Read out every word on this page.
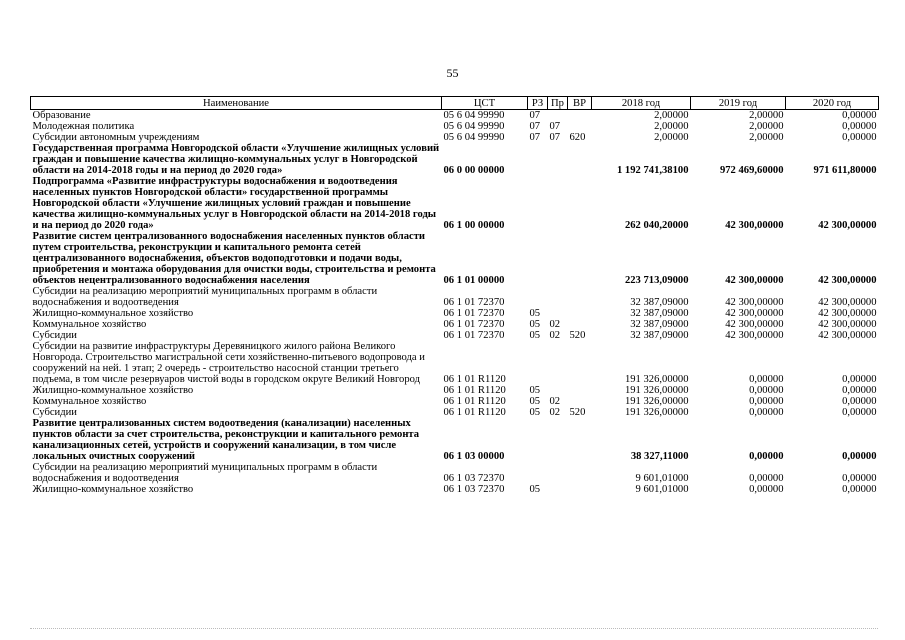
55
Наименование	ЦСТ	РЗ	Пр	ВР	2018 год	2019 год	2020 год
Образование	05 6 04 99990	07			2,00000	2,00000	0,00000
Молодежная политика	05 6 04 99990	07	07		2,00000	2,00000	0,00000
Субсидии автономным учреждениям	05 6 04 99990	07	07	620	2,00000	2,00000	0,00000
Государственная программа Новгородской области «Улучшение жилищных условий граждан и повышение качества жилищно-коммунальных услуг в Новгородской области на 2014-2018 годы и на период до 2020 года»	06 0 00 00000				1 192 741,38100	972 469,60000	971 611,80000
Подпрограмма «Развитие инфраструктуры водоснабжения и водоотведения населенных пунктов Новгородской области» государственной программы Новгородской области «Улучшение жилищных условий граждан и повышение качества жилищно-коммунальных услуг в Новгородской области на 2014-2018 годы и на период до 2020 года»	06 1 00 00000				262 040,20000	42 300,00000	42 300,00000
Развитие систем централизованного водоснабжения населенных пунктов области путем строительства, реконструкции и капитального ремонта сетей централизованного водоснабжения, объектов водоподготовки и подачи воды, приобретения и монтажа оборудования для очистки воды, строительства и ремонта объектов нецентрализованного водоснабжения населения	06 1 01 00000				223 713,09000	42 300,00000	42 300,00000
Субсидии на реализацию мероприятий муниципальных программ в области водоснабжения и водоотведения	06 1 01 72370				32 387,09000	42 300,00000	42 300,00000
Жилищно-коммунальное хозяйство	06 1 01 72370	05			32 387,09000	42 300,00000	42 300,00000
Коммунальное хозяйство	06 1 01 72370	05	02		32 387,09000	42 300,00000	42 300,00000
Субсидии	06 1 01 72370	05	02	520	32 387,09000	42 300,00000	42 300,00000
Субсидии на развитие инфраструктуры Деревяницкого жилого района Великого Новгорода. Строительство магистральной сети хозяйственно-питьевого водопровода и сооружений на ней. 1 этап; 2 очередь - строительство насосной станции третьего подъема, в том числе резервуаров чистой воды в городском округе Великий Новгород	06 1 01 R1120				191 326,00000	0,00000	0,00000
Жилищно-коммунальное хозяйство	06 1 01 R1120	05			191 326,00000	0,00000	0,00000
Коммунальное хозяйство	06 1 01 R1120	05	02		191 326,00000	0,00000	0,00000
Субсидии	06 1 01 R1120	05	02	520	191 326,00000	0,00000	0,00000
Развитие централизованных систем водоотведения (канализации) населенных пунктов области за счет строительства, реконструкции и капитального ремонта канализационных сетей, устройств и сооружений канализации, в том числе локальных очистных сооружений	06 1 03 00000				38 327,11000	0,00000	0,00000
Субсидии на реализацию мероприятий муниципальных программ в области водоснабжения и водоотведения	06 1 03 72370				9 601,01000	0,00000	0,00000
Жилищно-коммунальное хозяйство	06 1 03 72370	05			9 601,01000	0,00000	0,00000
